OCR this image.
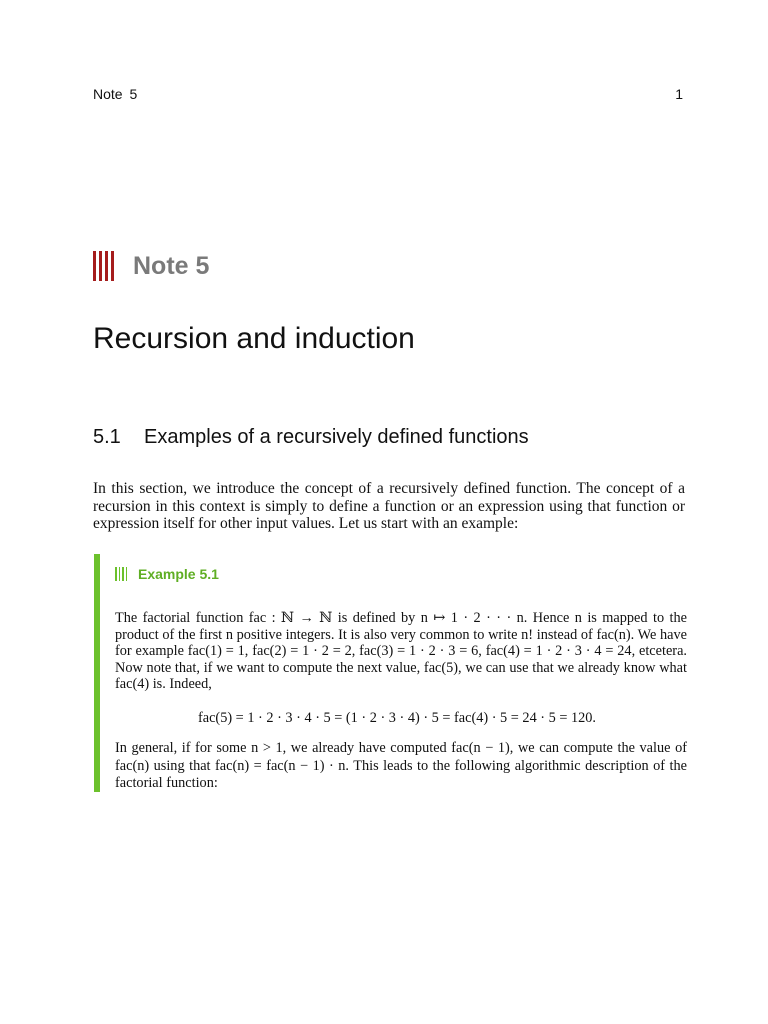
Note 5	1
Note 5
Recursion and induction
5.1 Examples of a recursively defined functions

In this section, we introduce the concept of a recursively defined function. The concept of a recursion in this context is simply to define a function or an expression using that function or expression itself for other input values. Let us start with an example:

Example 5.1

The factorial function fac : ℕ → ℕ is defined by n ↦ 1 · 2 · · · n. Hence n is mapped to the product of the first n positive integers. It is also very common to write n! instead of fac(n). We have for example fac(1) = 1, fac(2) = 1 · 2 = 2, fac(3) = 1 · 2 · 3 = 6, fac(4) = 1 · 2 · 3 · 4 = 24, etcetera. Now note that, if we want to compute the next value, fac(5), we can use that we already know what fac(4) is. Indeed,

fac(5) = 1 · 2 · 3 · 4 · 5 = (1 · 2 · 3 · 4) · 5 = fac(4) · 5 = 24 · 5 = 120.

In general, if for some n > 1, we already have computed fac(n − 1), we can compute the value of fac(n) using that fac(n) = fac(n − 1) · n. This leads to the following algorithmic description of the factorial function:
